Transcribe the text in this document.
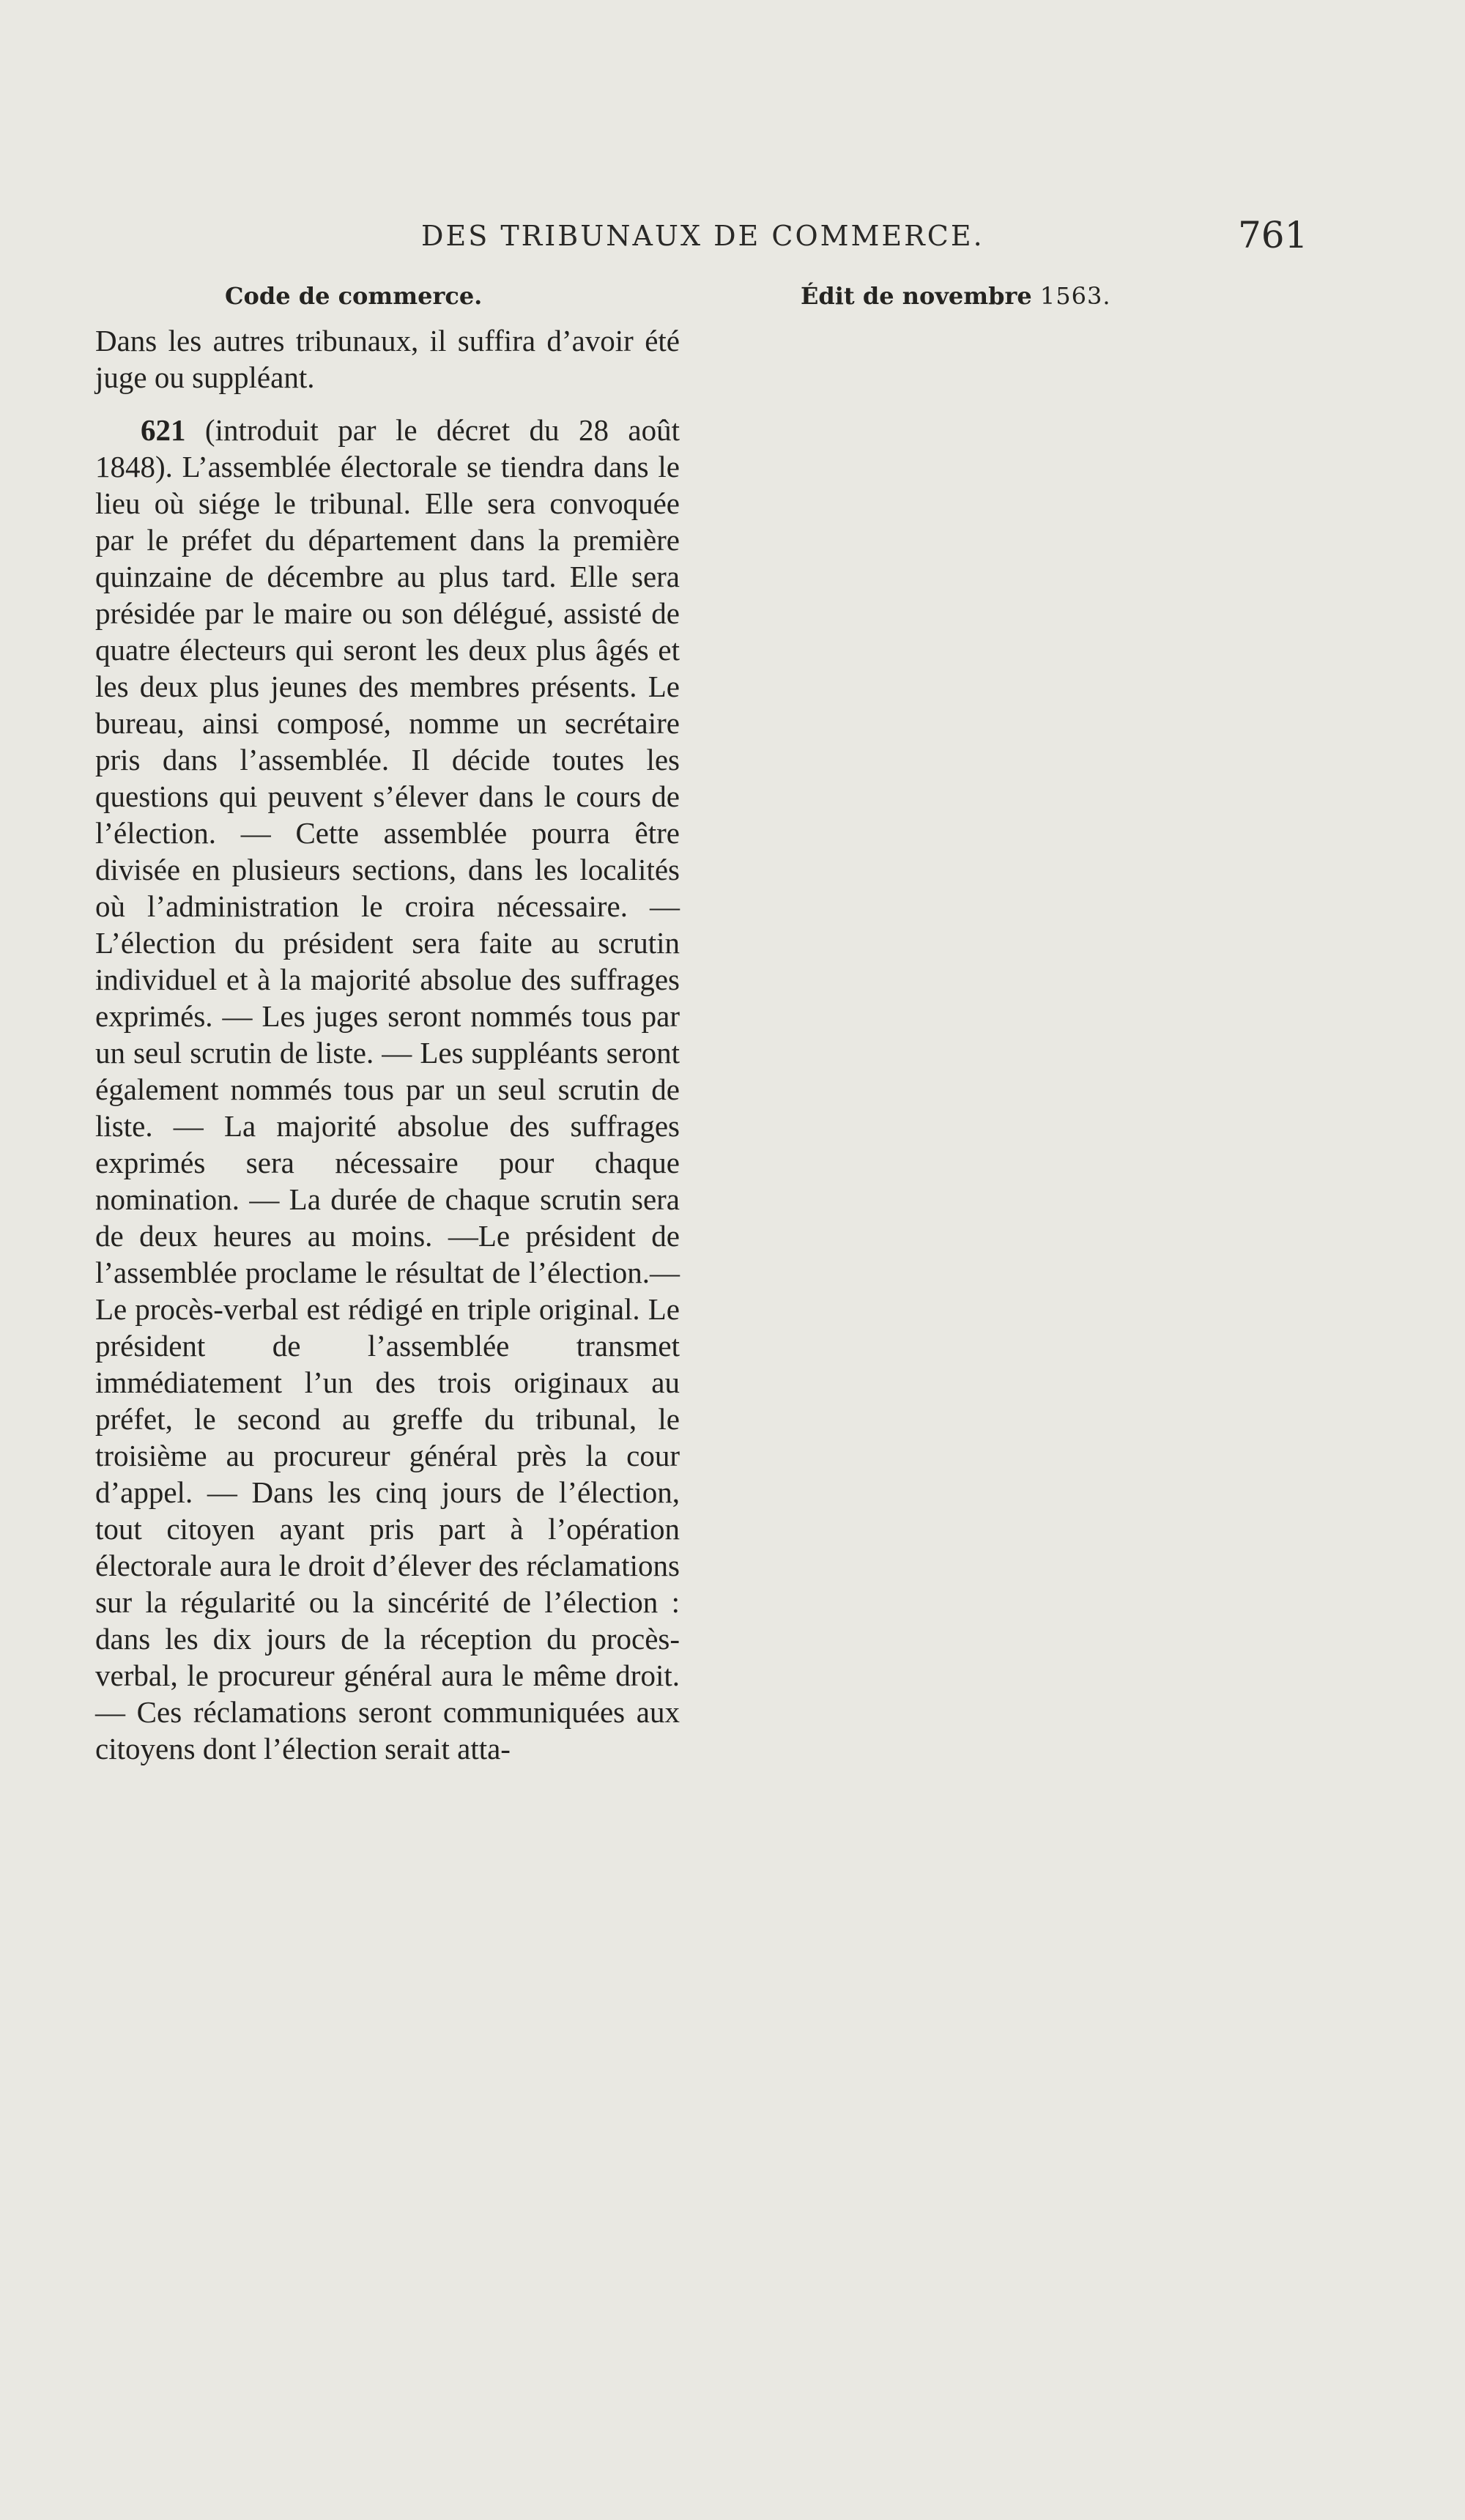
DES TRIBUNAUX DE COMMERCE.	761
Code de commerce.	Édit de novembre 1563.

Dans les autres tribunaux, il suffira d’avoir été juge ou suppléant.

621 (introduit par le décret du 28 août 1848). L’assemblée électorale se tiendra dans le lieu où siége le tribunal. Elle sera convoquée par le préfet du département dans la première quinzaine de décembre au plus tard. Elle sera présidée par le maire ou son délégué, assisté de quatre électeurs qui seront les deux plus âgés et les deux plus jeunes des membres présents. Le bureau, ainsi composé, nomme un secrétaire pris dans l’assemblée. Il décide toutes les questions qui peuvent s’élever dans le cours de l’élection. — Cette assemblée pourra être divisée en plusieurs sections, dans les localités où l’administration le croira nécessaire. — L’élection du président sera faite au scrutin individuel et à la majorité absolue des suffrages exprimés. — Les juges seront nommés tous par un seul scrutin de liste. — Les suppléants seront également nommés tous par un seul scrutin de liste. — La majorité absolue des suffrages exprimés sera nécessaire pour chaque nomination. — La durée de chaque scrutin sera de deux heures au moins. —Le président de l’assemblée proclame le résultat de l’élection.—Le procès-verbal est rédigé en triple original. Le président de l’assemblée transmet immédiatement l’un des trois originaux au préfet, le second au greffe du tribunal, le troisième au procureur général près la cour d’appel. — Dans les cinq jours de l’élection, tout citoyen ayant pris part à l’opération électorale aura le droit d’élever des réclamations sur la régularité ou la sincérité de l’élection : dans les dix jours de la réception du procès-verbal, le procureur général aura le même droit. — Ces réclamations seront communiquées aux citoyens dont l’élection serait atta-
